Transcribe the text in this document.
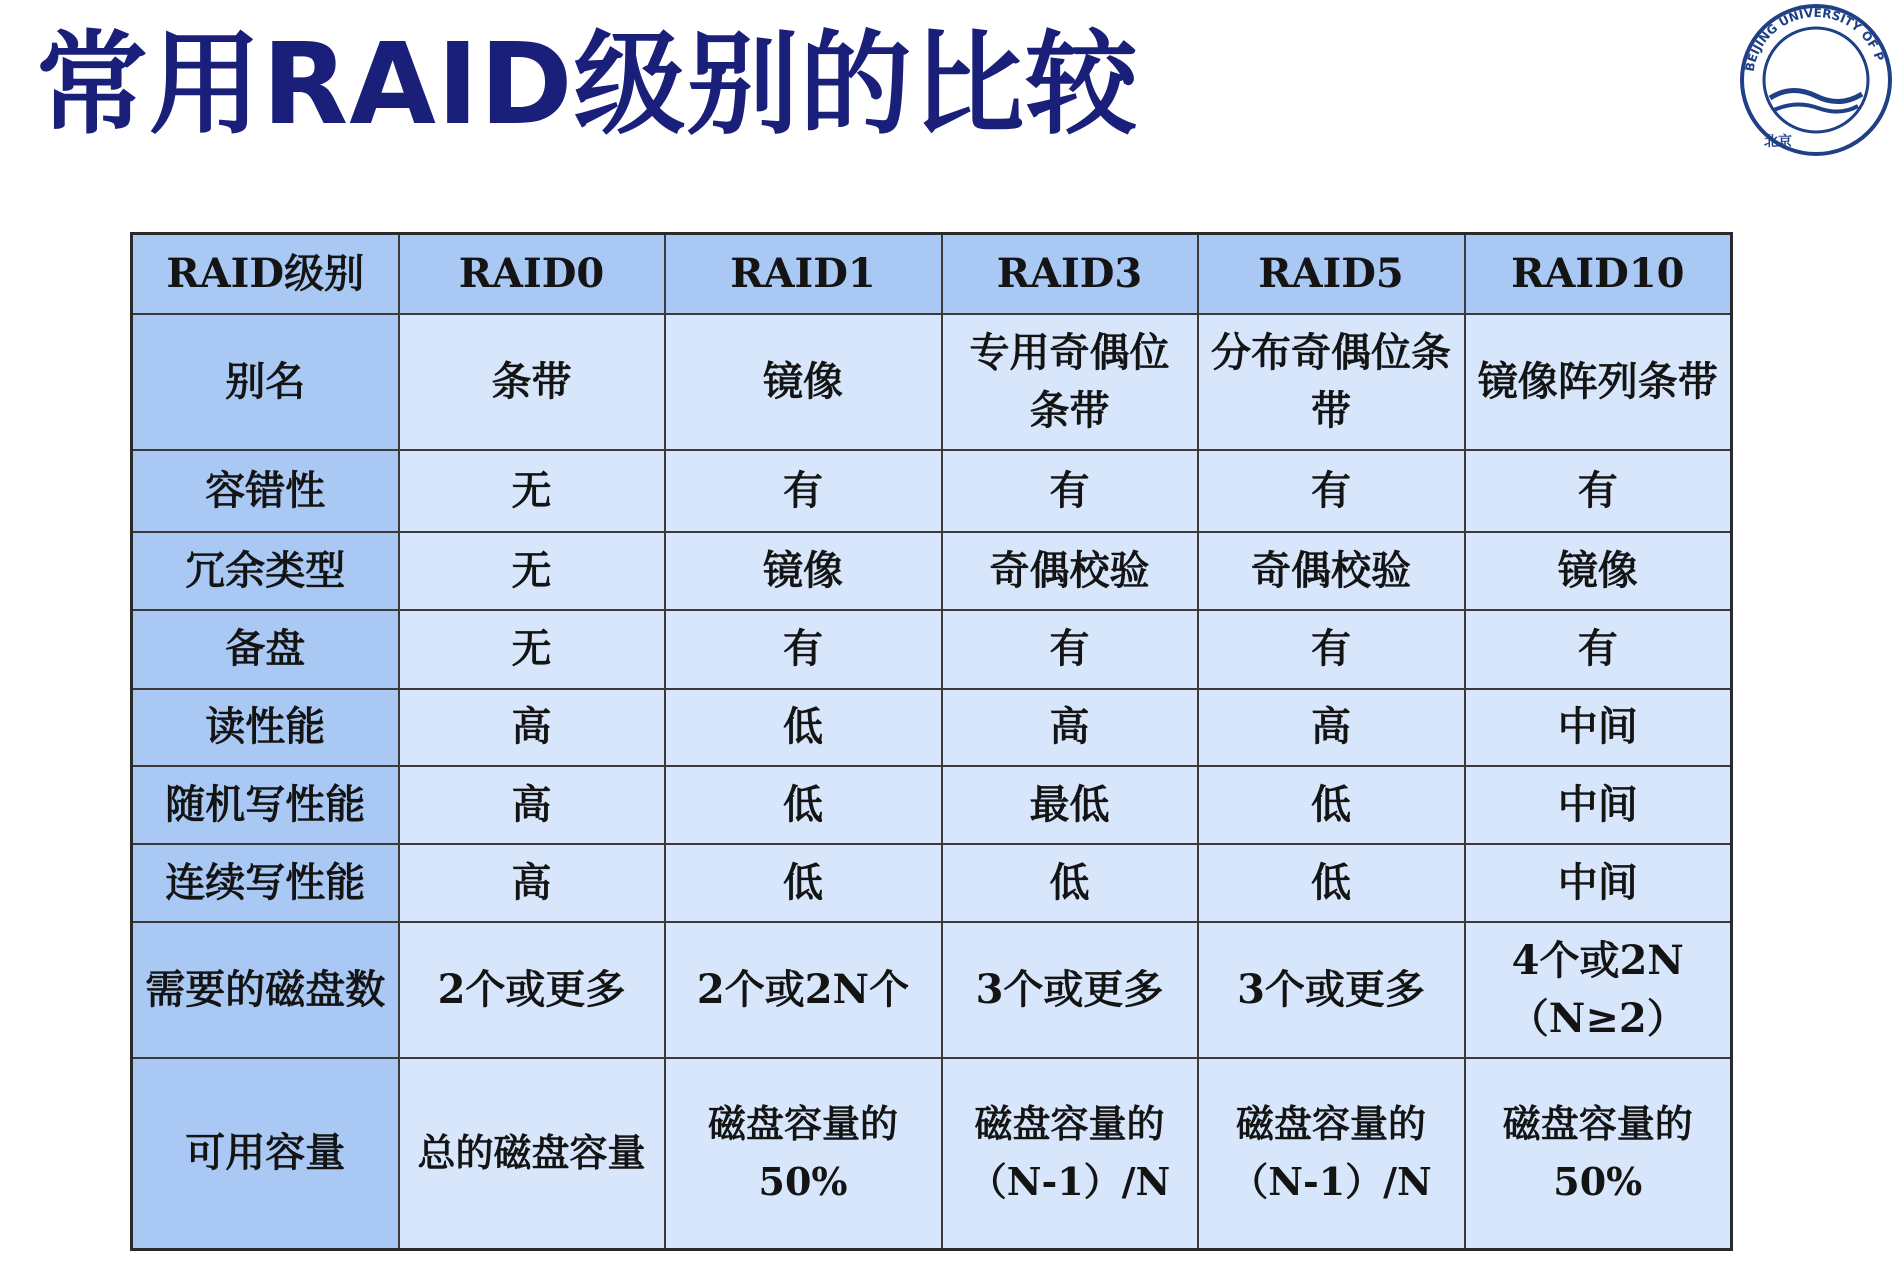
常用RAID级别的比较	BEIJING UNIVERSITY OF P
北京
RAID级别	RAID0	RAID1	RAID3	RAID5	RAID10
别名	条带	镜像	专用奇偶位条带	分布奇偶位条带	镜像阵列条带
容错性	无	有	有	有	有
冗余类型	无	镜像	奇偶校验	奇偶校验	镜像
备盘	无	有	有	有	有
读性能	高	低	高	高	中间
随机写性能	高	低	最低	低	中间
连续写性能	高	低	低	低	中间
需要的磁盘数	2个或更多	2个或2N个	3个或更多	3个或更多	4个或2N（N≥2）
可用容量	总的磁盘容量	磁盘容量的50%	磁盘容量的（N-1）/N	磁盘容量的（N-1）/N	磁盘容量的50%
